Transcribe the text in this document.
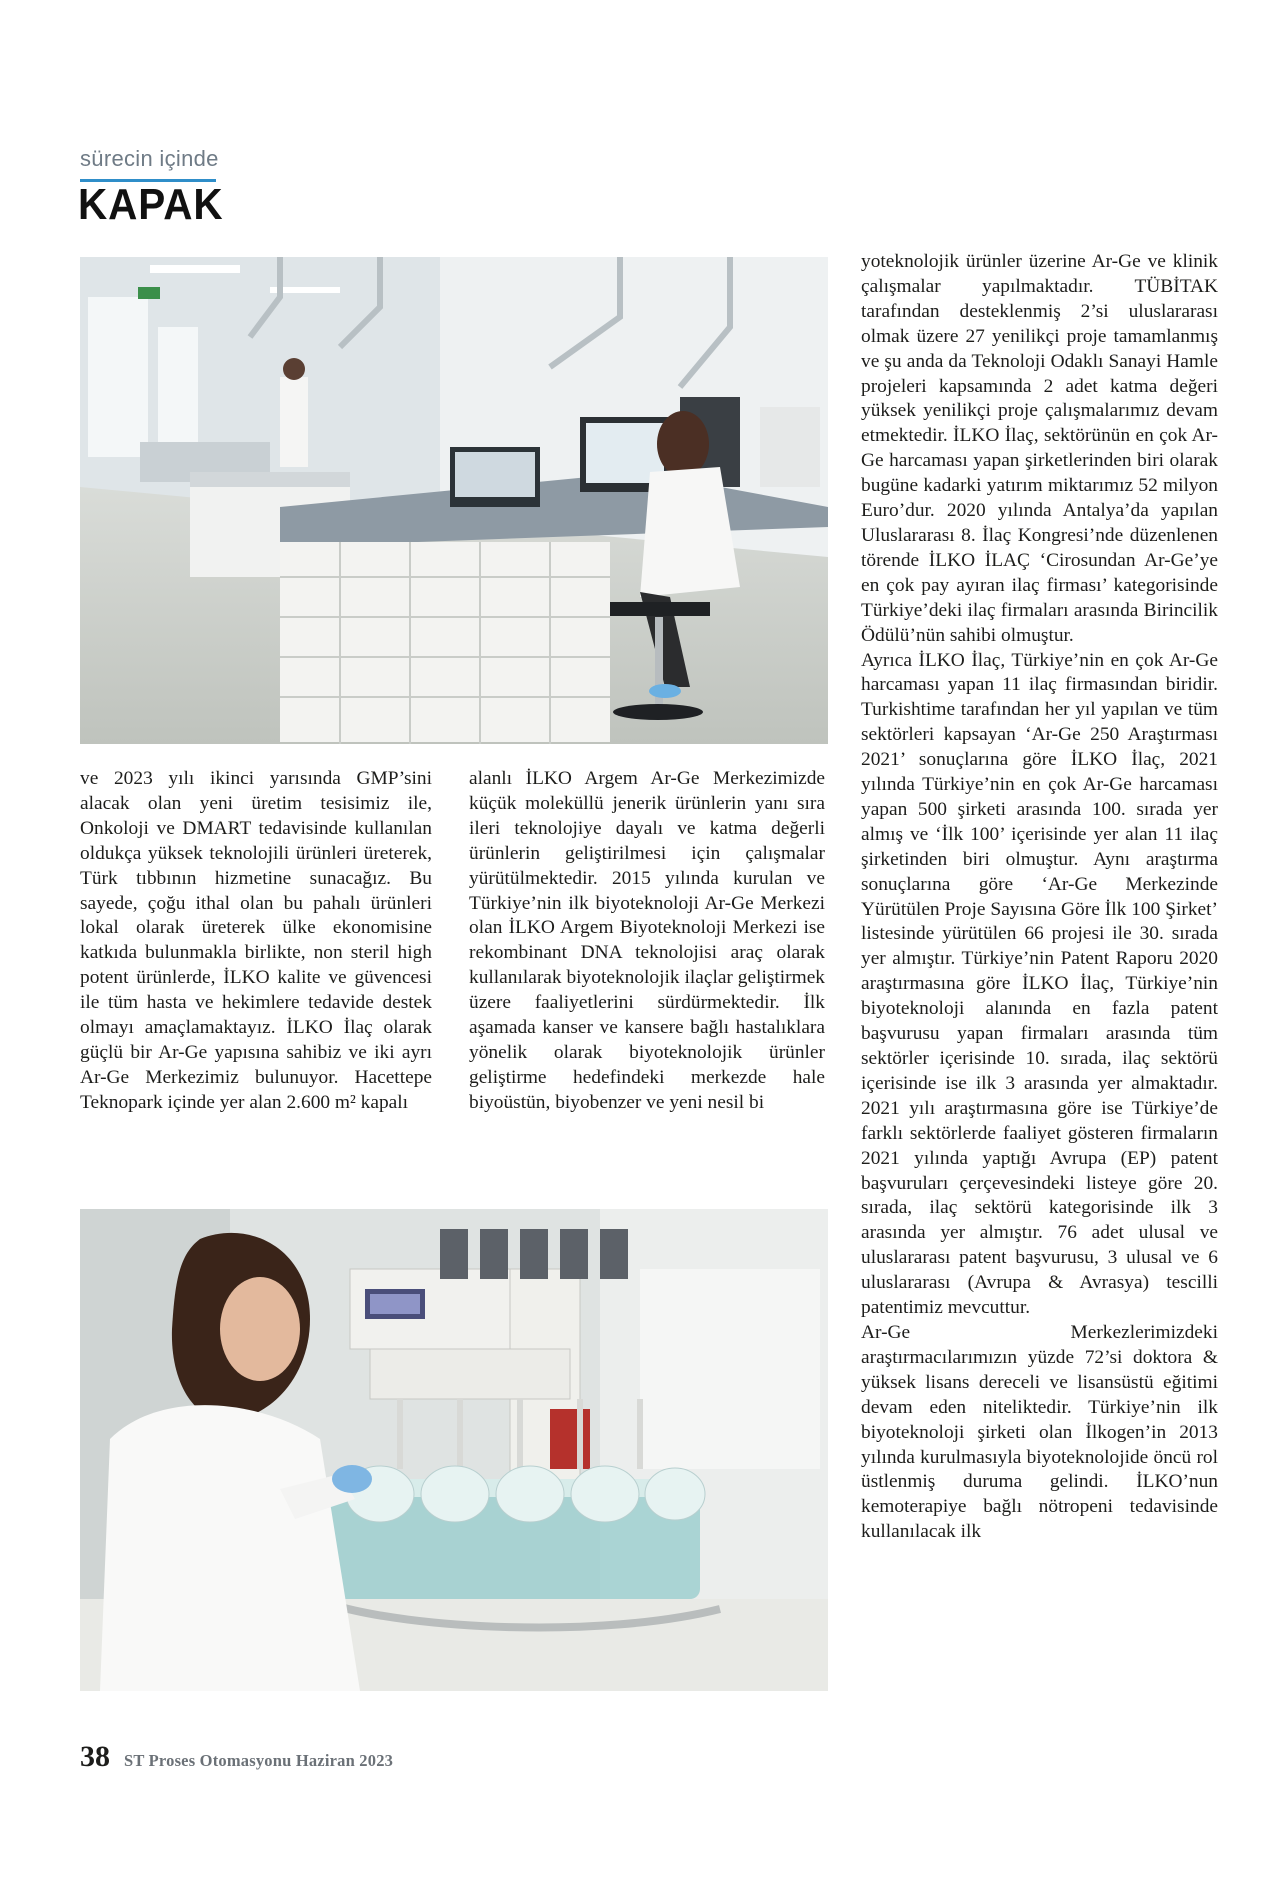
sürecin içinde
KAPAK

ve 2023 yılı ikinci yarısında GMP’sini alacak olan yeni üretim tesisimiz ile, Onkoloji ve DMART tedavisinde kullanılan oldukça yüksek teknolojili ürünleri üreterek, Türk tıbbının hizmetine sunacağız. Bu sayede, çoğu ithal olan bu pahalı ürünleri lokal olarak üreterek ülke ekonomisine katkıda bulunmakla birlikte, non steril high potent ürünlerde, İLKO kalite ve güvencesi ile tüm hasta ve hekimlere tedavide destek olmayı amaçlamaktayız. İLKO İlaç olarak güçlü bir Ar-Ge yapısına sahibiz ve iki ayrı Ar-Ge Merkezimiz bulunuyor. Hacettepe Teknopark içinde yer alan 2.600 m² kapalı

alanlı İLKO Argem Ar-Ge Merkezimizde küçük moleküllü jenerik ürünlerin yanı sıra ileri teknolojiye dayalı ve katma değerli ürünlerin geliştirilmesi için çalışmalar yürütülmektedir. 2015 yılında kurulan ve Türkiye’nin ilk biyoteknoloji Ar-Ge Merkezi olan İLKO Argem Biyoteknoloji Merkezi ise rekombinant DNA teknolojisi araç olarak kullanılarak biyoteknolojik ilaçlar geliştirmek üzere faaliyetlerini sürdürmektedir. İlk aşamada kanser ve kansere bağlı hastalıklara yönelik olarak biyoteknolojik ürünler geliştirme hedefindeki merkezde hale biyoüstün, biyobenzer ve yeni nesil bi

yoteknolojik ürünler üzerine Ar-Ge ve klinik çalışmalar yapılmaktadır. TÜBİTAK tarafından desteklenmiş 2’si uluslararası olmak üzere 27 yenilikçi proje tamamlanmış ve şu anda da Teknoloji Odaklı Sanayi Hamle projeleri kapsamında 2 adet katma değeri yüksek yenilikçi proje çalışmalarımız devam etmektedir. İLKO İlaç, sektörünün en çok Ar-Ge harcaması yapan şirketlerinden biri olarak bugüne kadarki yatırım miktarımız 52 milyon Euro’dur. 2020 yılında Antalya’da yapılan Uluslararası 8. İlaç Kongresi’nde düzenlenen törende İLKO İLAÇ ‘Cirosundan Ar-Ge’ye en çok pay ayıran ilaç firması’ kategorisinde Türkiye’deki ilaç firmaları arasında Birincilik Ödülü’nün sahibi olmuştur.

Ayrıca İLKO İlaç, Türkiye’nin en çok Ar-Ge harcaması yapan 11 ilaç firmasından biridir. Turkishtime tarafından her yıl yapılan ve tüm sektörleri kapsayan ‘Ar-Ge 250 Araştırması 2021’ sonuçlarına göre İLKO İlaç, 2021 yılında Türkiye’nin en çok Ar-Ge harcaması yapan 500 şirketi arasında 100. sırada yer almış ve ‘İlk 100’ içerisinde yer alan 11 ilaç şirketinden biri olmuştur. Aynı araştırma sonuçlarına göre ‘Ar-Ge Merkezinde Yürütülen Proje Sayısına Göre İlk 100 Şirket’ listesinde yürütülen 66 projesi ile 30. sırada yer almıştır. Türkiye’nin Patent Raporu 2020 araştırmasına göre İLKO İlaç, Türkiye’nin biyoteknoloji alanında en fazla patent başvurusu yapan firmaları arasında tüm sektörler içerisinde 10. sırada, ilaç sektörü içerisinde ise ilk 3 arasında yer almaktadır. 2021 yılı araştırmasına göre ise Türkiye’de farklı sektörlerde faaliyet gösteren firmaların 2021 yılında yaptığı Avrupa (EP) patent başvuruları çerçevesindeki listeye göre 20. sırada, ilaç sektörü kategorisinde ilk 3 arasında yer almıştır. 76 adet ulusal ve uluslararası patent başvurusu, 3 ulusal ve 6 uluslararası (Avrupa & Avrasya) tescilli patentimiz mevcuttur.

Ar-Ge Merkezlerimizdeki araştırmacılarımızın yüzde 72’si doktora & yüksek lisans dereceli ve lisansüstü eğitimi devam eden niteliktedir. Türkiye’nin ilk biyoteknoloji şirketi olan İlkogen’in 2013 yılında kurulmasıyla biyoteknolojide öncü rol üstlenmiş duruma gelindi. İLKO’nun kemoterapiye bağlı nötropeni tedavisinde kullanılacak ilk

38 ST Proses Otomasyonu Haziran 2023
